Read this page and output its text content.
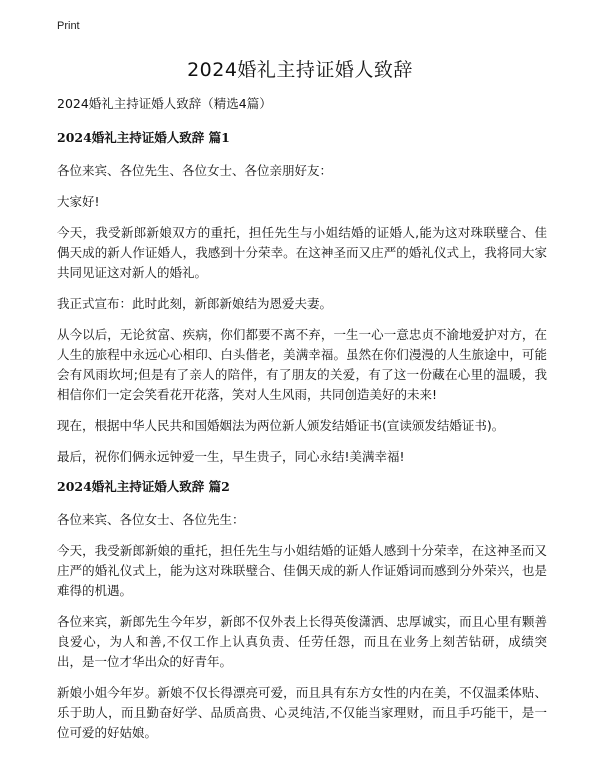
Print
2024婚礼主持证婚人致辞

2024婚礼主持证婚人致辞（精选4篇）

2024婚礼主持证婚人致辞 篇1

各位来宾、各位先生、各位女士、各位亲朋好友：

大家好!

今天，我受新郎新娘双方的重托，担任先生与小姐结婚的证婚人,能为这对珠联璧合、佳偶天成的新人作证婚人，我感到十分荣幸。在这神圣而又庄严的婚礼仪式上，我将同大家共同见证这对新人的婚礼。

我正式宣布：此时此刻，新郎新娘结为恩爱夫妻。

从今以后，无论贫富、疾病，你们都要不离不弃，一生一心一意忠贞不渝地爱护对方，在人生的旅程中永远心心相印、白头偕老，美满幸福。虽然在你们漫漫的人生旅途中，可能会有风雨坎坷;但是有了亲人的陪伴，有了朋友的关爱，有了这一份藏在心里的温暖，我相信你们一定会笑看花开花落，笑对人生风雨，共同创造美好的未来!

现在，根据中华人民共和国婚姻法为两位新人颁发结婚证书(宣读颁发结婚证书)。

最后，祝你们俩永远钟爱一生，早生贵子，同心永结!美满幸福!

2024婚礼主持证婚人致辞 篇2

各位来宾、各位女士、各位先生：

今天，我受新郎新娘的重托，担任先生与小姐结婚的证婚人感到十分荣幸，在这神圣而又庄严的婚礼仪式上，能为这对珠联璧合、佳偶天成的新人作证婚词而感到分外荣兴，也是难得的机遇。

各位来宾，新郎先生今年岁，新郎不仅外表上长得英俊潇洒、忠厚诚实，而且心里有颗善良爱心，为人和善,不仅工作上认真负责、任劳任怨，而且在业务上刻苦钻研，成绩突出，是一位才华出众的好青年。

新娘小姐今年岁。新娘不仅长得漂亮可爱，而且具有东方女性的内在美，不仅温柔体贴、乐于助人，而且勤奋好学、品质高贵、心灵纯洁,不仅能当家理财，而且手巧能干，是一位可爱的好姑娘。
